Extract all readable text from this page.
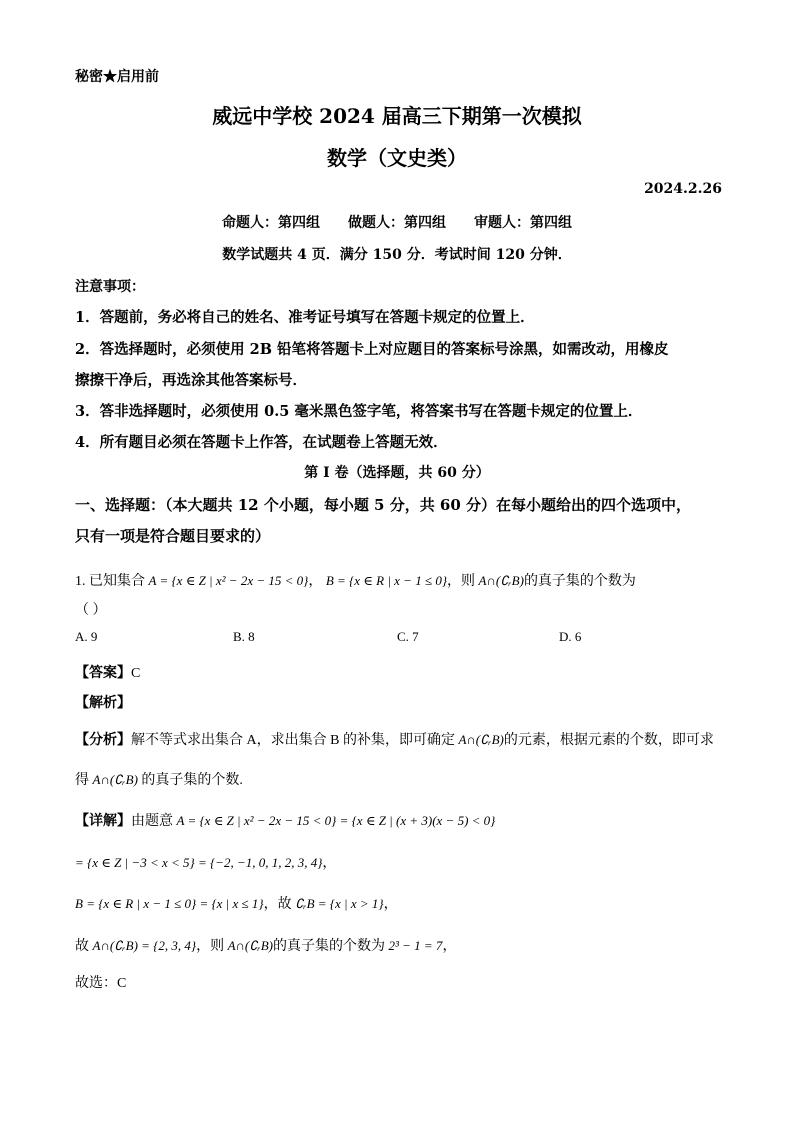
秘密★启用前
威远中学校 2024 届高三下期第一次模拟
数学（文史类）
2024.2.26
命题人：第四组 做题人：第四组 审题人：第四组
数学试题共 4 页．满分 150 分．考试时间 120 分钟．
注意事项：
1．答题前，务必将自己的姓名、准考证号填写在答题卡规定的位置上．
2．答选择题时，必须使用 2B 铅笔将答题卡上对应题目的答案标号涂黑，如需改动，用橡皮
擦擦干净后，再选涂其他答案标号．
3．答非选择题时，必须使用 0.5 毫米黑色签字笔，将答案书写在答题卡规定的位置上．
4．所有题目必须在答题卡上作答，在试题卷上答题无效．
第 I 卷（选择题，共 60 分）
一、选择题：（本大题共 12 个小题，每小题 5 分，共 60 分）在每小题给出的四个选项中，
只有一项是符合题目要求的）
1. 已知集合 A = {x ∈ Z | x² − 2x − 15 < 0}， B = {x ∈ R | x − 1 ≤ 0}，则 A∩(∁ᵣB)的真子集的个数为
（ ）
A. 9	B. 8	C. 7	D. 6
【答案】C
【解析】
【分析】解不等式求出集合 A，求出集合 B 的补集，即可确定 A∩(∁ᵣB)的元素，根据元素的个数，即可求
得 A∩(∁ᵣB) 的真子集的个数.
【详解】由题意 A = {x ∈ Z | x² − 2x − 15 < 0} = {x ∈ Z | (x + 3)(x − 5) < 0}
= {x ∈ Z | −3 < x < 5} = {−2, −1, 0, 1, 2, 3, 4}，
B = {x ∈ R | x − 1 ≤ 0} = {x | x ≤ 1}，故 ∁ᵣB = {x | x > 1}，
故 A∩(∁ᵣB) = {2, 3, 4}，则 A∩(∁ᵣB)的真子集的个数为 2³ − 1 = 7，
故选：C
